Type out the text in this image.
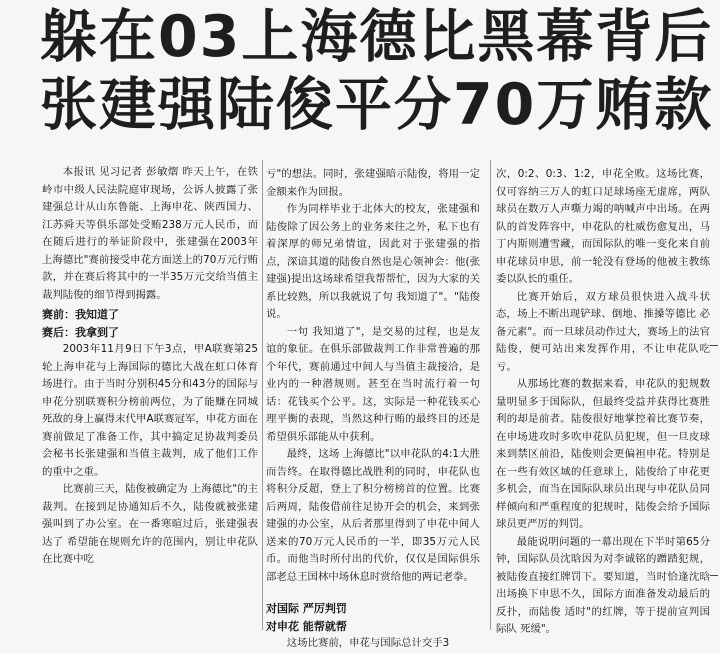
躲在03上海德比黑幕背后
张建强陆俊平分70万贿款

本报讯 见习记者 彭敏熠 昨天上午，在铁岭市中级人民法院庭审现场，公诉人披露了张建强总计从山东鲁能、上海申花、陕西国力、江苏舜天等俱乐部处受贿238万元人民币，而在随后进行的举证阶段中，张建强在2003年 上海德比"赛前接受申花方面送上的70万元行贿款，并在赛后将其中的一半35万元交给当值主裁判陆俊的细节得到揭露。

赛前：我知道了

赛后：我拿到了

2003年11月9日下午3点，甲A联赛第25轮上海申花与上海国际的德比大战在虹口体育场进行。由于当时分别积45分和43分的国际与申花分别联赛积分榜前两位，为了能赚在同城死敌的身上赢得末代甲A联赛冠军，申花方面在赛前做足了准备工作，其中搞定足协裁判委员会秘书长张建强和当值主裁判，成了他们工作的重中之重。

比赛前三天，陆俊被确定为 上海德比"的主裁判。在接到足协通知后不久，陆俊就被张建强叫到了办公室。在一番寒暄过后，张建强表达了 希望能在规则允许的范围内，别让申花队在比赛中吃

亏"的想法。同时，张建强暗示陆俊，将用一定金额来作为回报。

作为同样毕业于北体大的校友，张建强和陆俊除了因公务上的业务来往之外，私下也有着深厚的师兄弟情谊，因此对于张建强的指点，深谙其道的陆俊自然也是心领神会：他(张建强)提出这场球希望我帮帮忙，因为大家的关系比较熟，所以我就说了句 我知道了"。"陆俊说。

一句 我知道了"，是交易的过程，也是友谊的象征。在俱乐部做裁判工作非常普遍的那个年代，赛前通过中间人与当值主裁接洽，是业内的一种潜规则。甚至在当时流行着一句话：花钱买个公平。这，实际是一种花钱买心理平衡的表现，当然这种行贿的最终目的还是希望俱乐部能从中获利。

最终，这场 上海德比"以申花队的4:1大胜而告终。在取得德比战胜利的同时，申花队也将积分反超，登上了积分榜榜首的位置。比赛后两周，陆俊借前往足协开会的机会，来到张建强的办公室，从后者那里得到了申花中间人送来的70万元人民币的一半，即35万元人民币。而他当时所付出的代价，仅仅是国际俱乐部老总王国林中场休息时赏给他的两记老拳。

对国际 严厉判罚

对申花 能帮就帮

这场比赛前，申花与国际总计交手3

次，0:2、0:3、1:2，申花全败。这场比赛，仅可容纳三万人的虹口足球场座无虚席，两队球员在数万人声嘶力竭的呐喊声中出场。在两队的首发阵容中，申花队的杜威伤愈复出，马丁内斯则遭雪藏，而国际队的唯一变化来自前申花球员申思，前一轮没有登场的他被主教练委以队长的重任。

比赛开始后，双方球员很快进入战斗状态，场上不断出现铲球、倒地、推搡等德比 必备元素"。而一旦球员动作过大，赛场上的法官陆俊，便可站出来发挥作用，不让申花队吃亏。

从那场比赛的数据来看，申花队的犯规数量明显多于国际队，但最终受益并获得比赛胜利的却是前者。陆俊很好地掌控着比赛节奏，在申场进攻时多吹申花队员犯规，但一旦皮球来到禁区前沿，陆俊则会更偏袒申花。特别是在一些有效区域的任意球上，陆俊给了申花更多机会，而当在国际队球员出现与申花队员同样倾向和严重程度的犯规时，陆俊会给予国际球员更严厉的判罚。

最能说明问题的一幕出现在下半时第65分钟，国际队员沈晗因为对李诚铭的蹭踏犯规，被陆俊直接红牌罚下。要知道，当时恰逢沈晗出场换下申思不久，国际方面准备发动最后的反扑，而陆俊 适时"的红牌，等于提前宣判国际队 死缓"。
